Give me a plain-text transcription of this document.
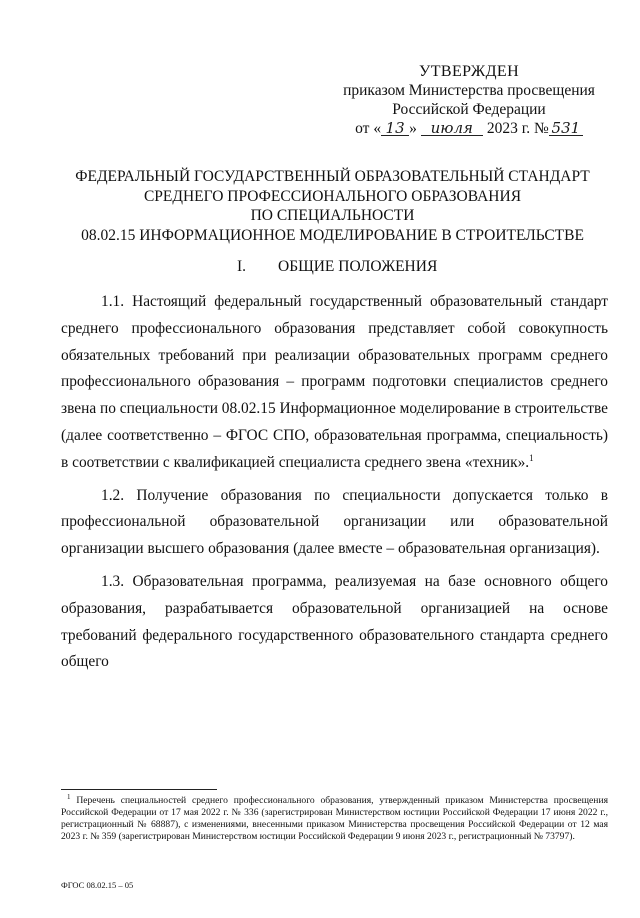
УТВЕРЖДЕН
приказом Министерства просвещения
Российской Федерации
от « 13 » июля 2023 г. № 531
ФЕДЕРАЛЬНЫЙ ГОСУДАРСТВЕННЫЙ ОБРАЗОВАТЕЛЬНЫЙ СТАНДАРТ
СРЕДНЕГО ПРОФЕССИОНАЛЬНОГО ОБРАЗОВАНИЯ
ПО СПЕЦИАЛЬНОСТИ
08.02.15 ИНФОРМАЦИОННОЕ МОДЕЛИРОВАНИЕ В СТРОИТЕЛЬСТВЕ
I. ОБЩИЕ ПОЛОЖЕНИЯ

1.1. Настоящий федеральный государственный образовательный стандарт среднего профессионального образования представляет собой совокупность обязательных требований при реализации образовательных программ среднего профессионального образования – программ подготовки специалистов среднего звена по специальности 08.02.15 Информационное моделирование в строительстве (далее соответственно – ФГОС СПО, образовательная программа, специальность) в соответствии с квалификацией специалиста среднего звена «техник».$^1$

1.2. Получение образования по специальности допускается только в профессиональной образовательной организации или образовательной организации высшего образования (далее вместе – образовательная организация).

1.3. Образовательная программа, реализуемая на базе основного общего образования, разрабатывается образовательной организацией на основе требований федерального государственного образовательного стандарта среднего общего

$^1$ Перечень специальностей среднего профессионального образования, утвержденный приказом Министерства просвещения Российской Федерации от 17 мая 2022 г. № 336 (зарегистрирован Министерством юстиции Российской Федерации 17 июня 2022 г., регистрационный № 68887), с изменениями, внесенными приказом Министерства просвещения Российской Федерации от 12 мая 2023 г. № 359 (зарегистрирован Министерством юстиции Российской Федерации 9 июня 2023 г., регистрационный № 73797).
ФГОС 08.02.15 – 05
